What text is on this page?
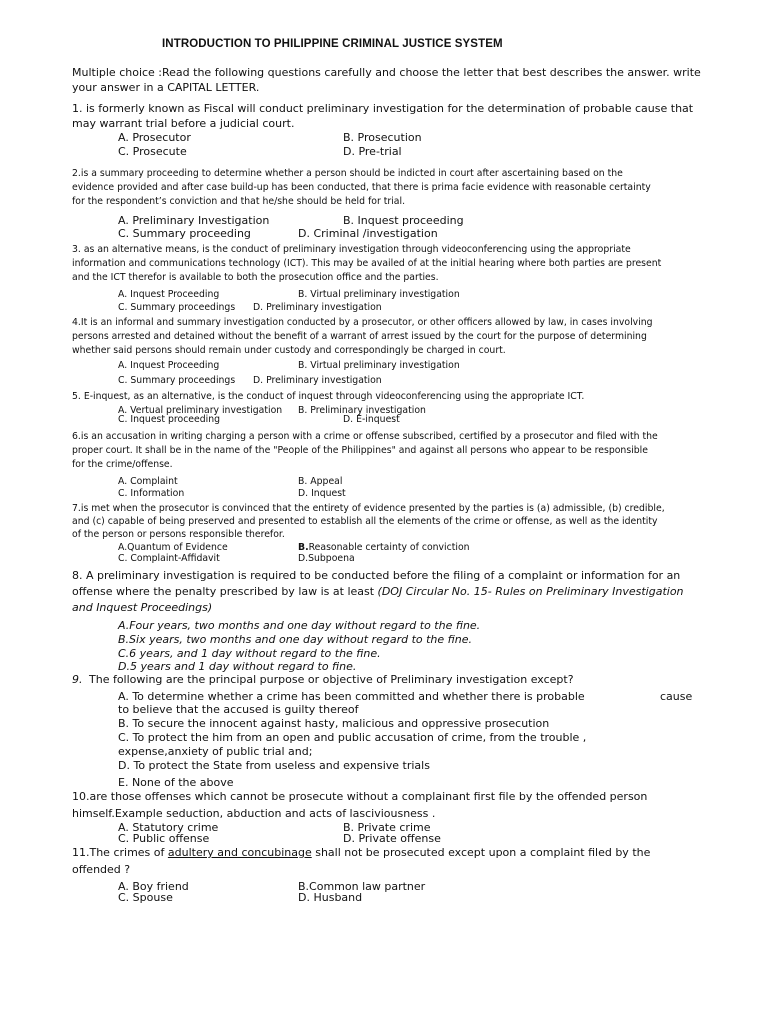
INTRODUCTION TO PHILIPPINE CRIMINAL JUSTICE SYSTEM
Multiple choice :Read the following questions carefully and choose the letter that best describes the answer. write
your answer in a CAPITAL LETTER.
1. is formerly known as Fiscal will conduct preliminary investigation for the determination of probable cause that
may warrant trial before a judicial court.
A. Prosecutor	B. Prosecution
C. Prosecute	D. Pre-trial
2.is a summary proceeding to determine whether a person should be indicted in court after ascertaining based on the
evidence provided and after case build-up has been conducted, that there is prima facie evidence with reasonable certainty
for the respondent’s conviction and that he/she should be held for trial.
A. Preliminary Investigation	B. Inquest proceeding
C. Summary proceeding	D. Criminal /investigation
3. as an alternative means, is the conduct of preliminary investigation through videoconferencing using the appropriate
information and communications technology (ICT). This may be availed of at the initial hearing where both parties are present
and the ICT therefor is available to both the prosecution office and the parties.
A. Inquest Proceeding	B. Virtual preliminary investigation
C. Summary proceedings D. Preliminary investigation
4.It is an informal and summary investigation conducted by a prosecutor, or other officers allowed by law, in cases involving
persons arrested and detained without the benefit of a warrant of arrest issued by the court for the purpose of determining
whether said persons should remain under custody and correspondingly be charged in court.
A. Inquest Proceeding	B. Virtual preliminary investigation
C. Summary proceedings D. Preliminary investigation
5. E-inquest, as an alternative, is the conduct of inquest through videoconferencing using the appropriate ICT.
A. Vertual preliminary investigation B. Preliminary investigation
C. Inquest proceeding	D. E-inquest
6.is an accusation in writing charging a person with a crime or offense subscribed, certified by a prosecutor and filed with the
proper court. It shall be in the name of the "People of the Philippines" and against all persons who appear to be responsible
for the crime/offense.
A. Complaint	B. Appeal
C. Information	D. Inquest
7.is met when the prosecutor is convinced that the entirety of evidence presented by the parties is (a) admissible, (b) credible,
and (c) capable of being preserved and presented to establish all the elements of the crime or offense, as well as the identity
of the person or persons responsible therefor.
A.Quantum of Evidence	B.Reasonable certainty of conviction
C. Complaint-Affidavit	D.Subpoena
8. A preliminary investigation is required to be conducted before the filing of a complaint or information for an
offense where the penalty prescribed by law is at least (DOJ Circular No. 15- Rules on Preliminary Investigation
and Inquest Proceedings)
A.Four years, two months and one day without regard to the fine.
B.Six years, two months and one day without regard to the fine.
C.6 years, and 1 day without regard to the fine.
D.5 years and 1 day without regard to fine.
9. The following are the principal purpose or objective of Preliminary investigation except?
A. To determine whether a crime has been committed and whether there is probable	cause
to believe that the accused is guilty thereof
B. To secure the innocent against hasty, malicious and oppressive prosecution
C. To protect the him from an open and public accusation of crime, from the trouble ,
expense,anxiety of public trial and;
D. To protect the State from useless and expensive trials
E. None of the above
10.are those offenses which cannot be prosecute without a complainant first file by the offended person
himself.Example seduction, abduction and acts of lasciviousness .
A. Statutory crime	B. Private crime
C. Public offense	D. Private offense
11.The crimes of adultery and concubinage shall not be prosecuted except upon a complaint filed by the
offended ?
A. Boy friend	B.Common law partner
C. Spouse	D. Husband
